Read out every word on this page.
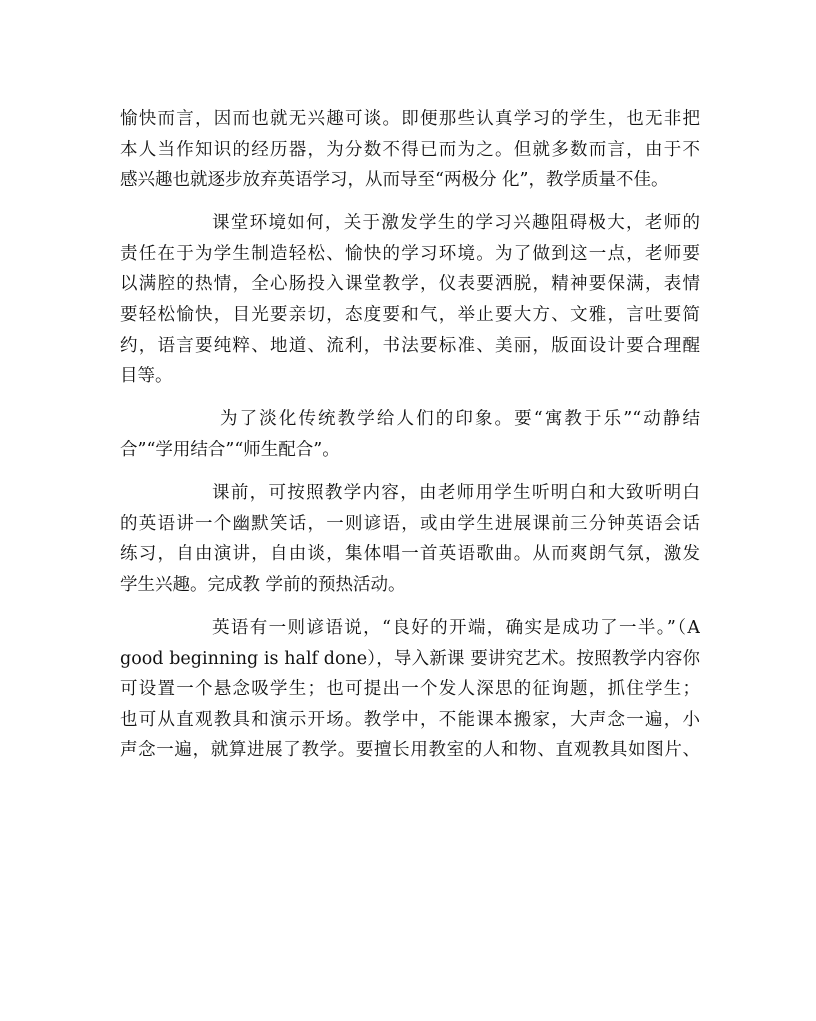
愉快而言，因而也就无兴趣可谈。即便那些认真学习的学生，也无非把
本人当作知识的经历器，为分数不得已而为之。但就多数而言，由于不
感兴趣也就逐步放弃英语学习，从而导至“两极分 化”，教学质量不佳。
课堂环境如何，关于激发学生的学习兴趣阻碍极大，老师的
责任在于为学生制造轻松、愉快的学习环境。为了做到这一点，老师要
以满腔的热情，全心肠投入课堂教学，仪表要洒脱，精神要保满，表情
要轻松愉快，目光要亲切，态度要和气，举止要大方、文雅，言吐要简
约，语言要纯粹、地道、流利，书法要标准、美丽，版面设计要合理醒
目等。
为了淡化传统教学给人们的印象。要“寓教于乐”“动静结
合”“学用结合”“师生配合”。
课前，可按照教学内容，由老师用学生听明白和大致听明白
的英语讲一个幽默笑话，一则谚语，或由学生进展课前三分钟英语会话
练习，自由演讲，自由谈，集体唱一首英语歌曲。从而爽朗气氛，激发
学生兴趣。完成教 学前的预热活动。
英语有一则谚语说，“良好的开端，确实是成功了一半。”（A
good beginning is half done），导入新课 要讲究艺术。按照教学内容你
可设置一个悬念吸学生；也可提出一个发人深思的征询题，抓住学生；
也可从直观教具和演示开场。教学中，不能课本搬家，大声念一遍，小
声念一遍，就算进展了教学。要擅长用教室的人和物、直观教具如图片、
